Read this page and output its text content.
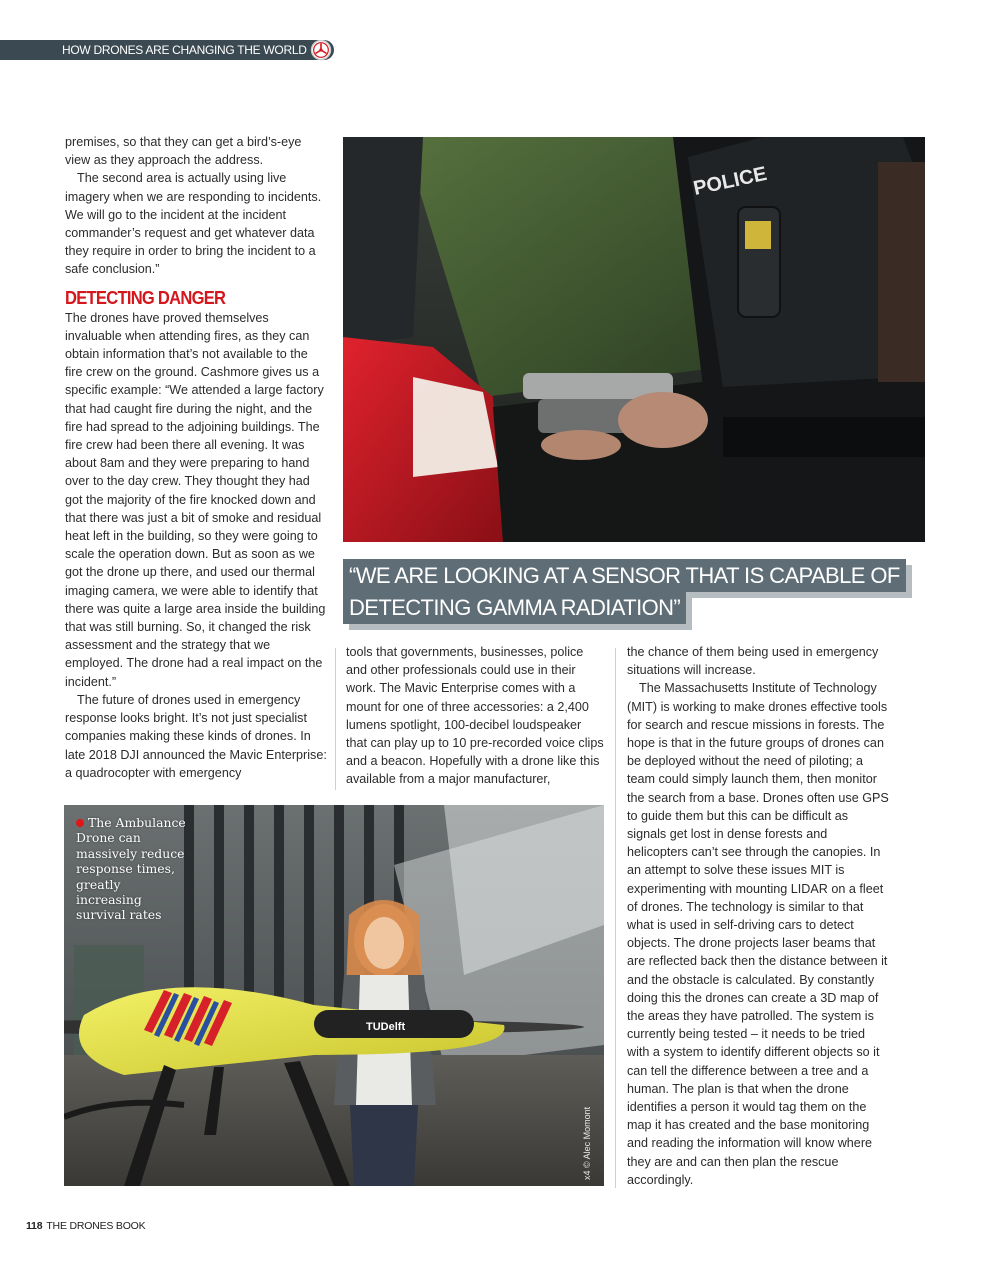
HOW DRONES ARE CHANGING THE WORLD

premises, so that they can get a bird’s-eye view as they approach the address.

The second area is actually using live imagery when we are responding to incidents. We will go to the incident at the incident commander’s request and get whatever data they require in order to bring the incident to a safe conclusion.”

DETECTING DANGER

The drones have proved themselves invaluable when attending fires, as they can obtain information that’s not available to the fire crew on the ground. Cashmore gives us a specific example: “We attended a large factory that had caught fire during the night, and the fire had spread to the adjoining buildings. The fire crew had been there all evening. It was about 8am and they were preparing to hand over to the day crew. They thought they had got the majority of the fire knocked down and that there was just a bit of smoke and residual heat left in the building, so they were going to scale the operation down. But as soon as we got the drone up there, and used our thermal imaging camera, we were able to identify that there was quite a large area inside the building that was still burning. So, it changed the risk assessment and the strategy that we employed. The drone had a real impact on the incident.”

The future of drones used in emergency response looks bright. It’s not just specialist companies making these kinds of drones. In late 2018 DJI announced the Mavic Enterprise: a quadrocopter with emergency

POLICE
“WE ARE LOOKING AT A SENSOR THAT IS CAPABLE OF
DETECTING GAMMA RADIATION”

tools that governments, businesses, police and other professionals could use in their work. The Mavic Enterprise comes with a mount for one of three accessories: a 2,400 lumens spotlight, 100-decibel loudspeaker that can play up to 10 pre-recorded voice clips and a beacon. Hopefully with a drone like this available from a major manufacturer,

the chance of them being used in emergency situations will increase.

The Massachusetts Institute of Technology (MIT) is working to make drones effective tools for search and rescue missions in forests. The hope is that in the future groups of drones can be deployed without the need of piloting; a team could simply launch them, then monitor the search from a base. Drones often use GPS to guide them but this can be difficult as signals get lost in dense forests and helicopters can’t see through the canopies. In an attempt to solve these issues MIT is experimenting with mounting LIDAR on a fleet of drones. The technology is similar to that what is used in self-driving cars to detect objects. The drone projects laser beams that are reflected back then the distance between it and the obstacle is calculated. By constantly doing this the drones can create a 3D map of the areas they have patrolled. The system is currently being tested – it needs to be tried with a system to identify different objects so it can tell the difference between a tree and a human. The plan is that when the drone identifies a person it would tag them on the map it has created and the base monitoring and reading the information will know where they are and can then plan the rescue accordingly.

TUDelft
The Ambulance Drone can massively reduce response times, greatly increasing survival rates
x4 © Alec Momont
118 THE DRONES BOOK
